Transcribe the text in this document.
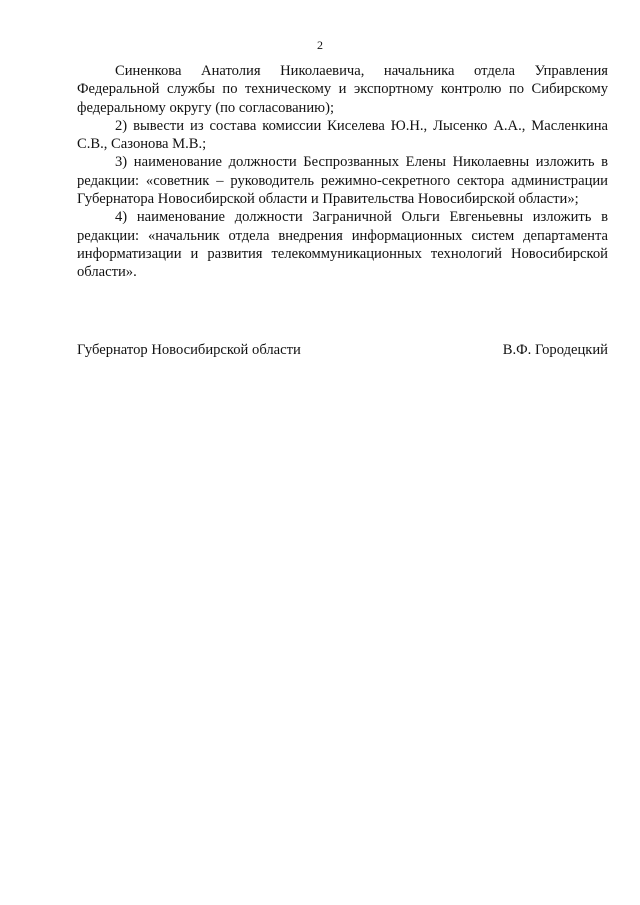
2

Синенкова Анатолия Николаевича, начальника отдела Управления Федеральной службы по техническому и экспортному контролю по Сибирскому федеральному округу (по согласованию);

2) вывести из состава комиссии Киселева Ю.Н., Лысенко А.А., Масленкина С.В., Сазонова М.В.;

3) наименование должности Беспрозванных Елены Николаевны изложить в редакции: «советник – руководитель режимно-секретного сектора администрации Губернатора Новосибирской области и Правительства Новосибирской области»;

4) наименование должности Заграничной Ольги Евгеньевны изложить в редакции: «начальник отдела внедрения информационных систем департамента информатизации и развития телекоммуникационных технологий Новосибирской области».

Губернатор Новосибирской области	В.Ф. Городецкий
